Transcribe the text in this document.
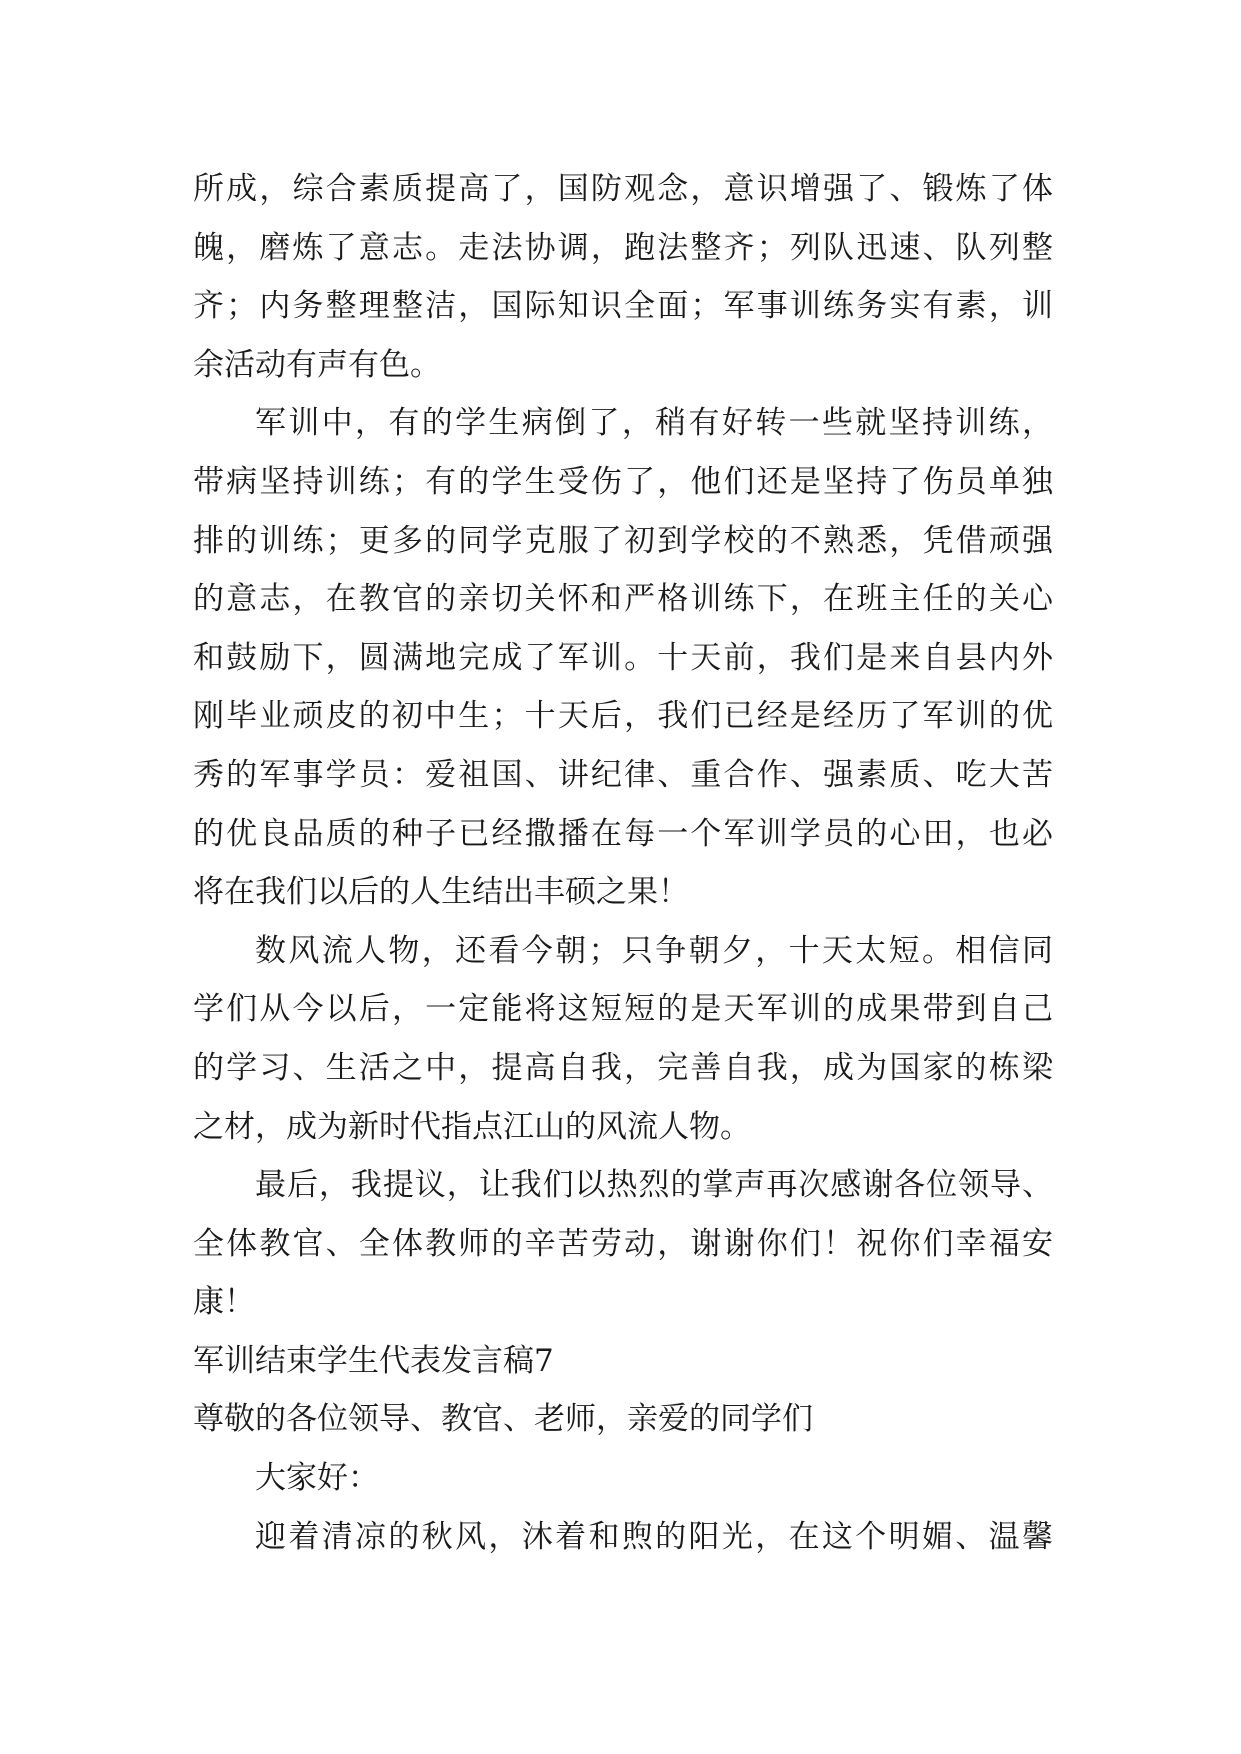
所成，综合素质提高了，国防观念，意识增强了、锻炼了体
魄，磨炼了意志。走法协调，跑法整齐；列队迅速、队列整
齐；内务整理整洁，国际知识全面；军事训练务实有素，训
余活动有声有色。
军训中，有的学生病倒了，稍有好转一些就坚持训练，
带病坚持训练；有的学生受伤了，他们还是坚持了伤员单独
排的训练；更多的同学克服了初到学校的不熟悉，凭借顽强
的意志，在教官的亲切关怀和严格训练下，在班主任的关心
和鼓励下，圆满地完成了军训。十天前，我们是来自县内外
刚毕业顽皮的初中生；十天后，我们已经是经历了军训的优
秀的军事学员：爱祖国、讲纪律、重合作、强素质、吃大苦
的优良品质的种子已经撒播在每一个军训学员的心田，也必
将在我们以后的人生结出丰硕之果！
数风流人物，还看今朝；只争朝夕，十天太短。相信同
学们从今以后，一定能将这短短的是天军训的成果带到自己
的学习、生活之中，提高自我，完善自我，成为国家的栋梁
之材，成为新时代指点江山的风流人物。
最后，我提议，让我们以热烈的掌声再次感谢各位领导、
全体教官、全体教师的辛苦劳动，谢谢你们！祝你们幸福安
康！
军训结束学生代表发言稿7
尊敬的各位领导、教官、老师，亲爱的同学们
大家好：
迎着清凉的秋风，沐着和煦的阳光，在这个明媚、温馨
